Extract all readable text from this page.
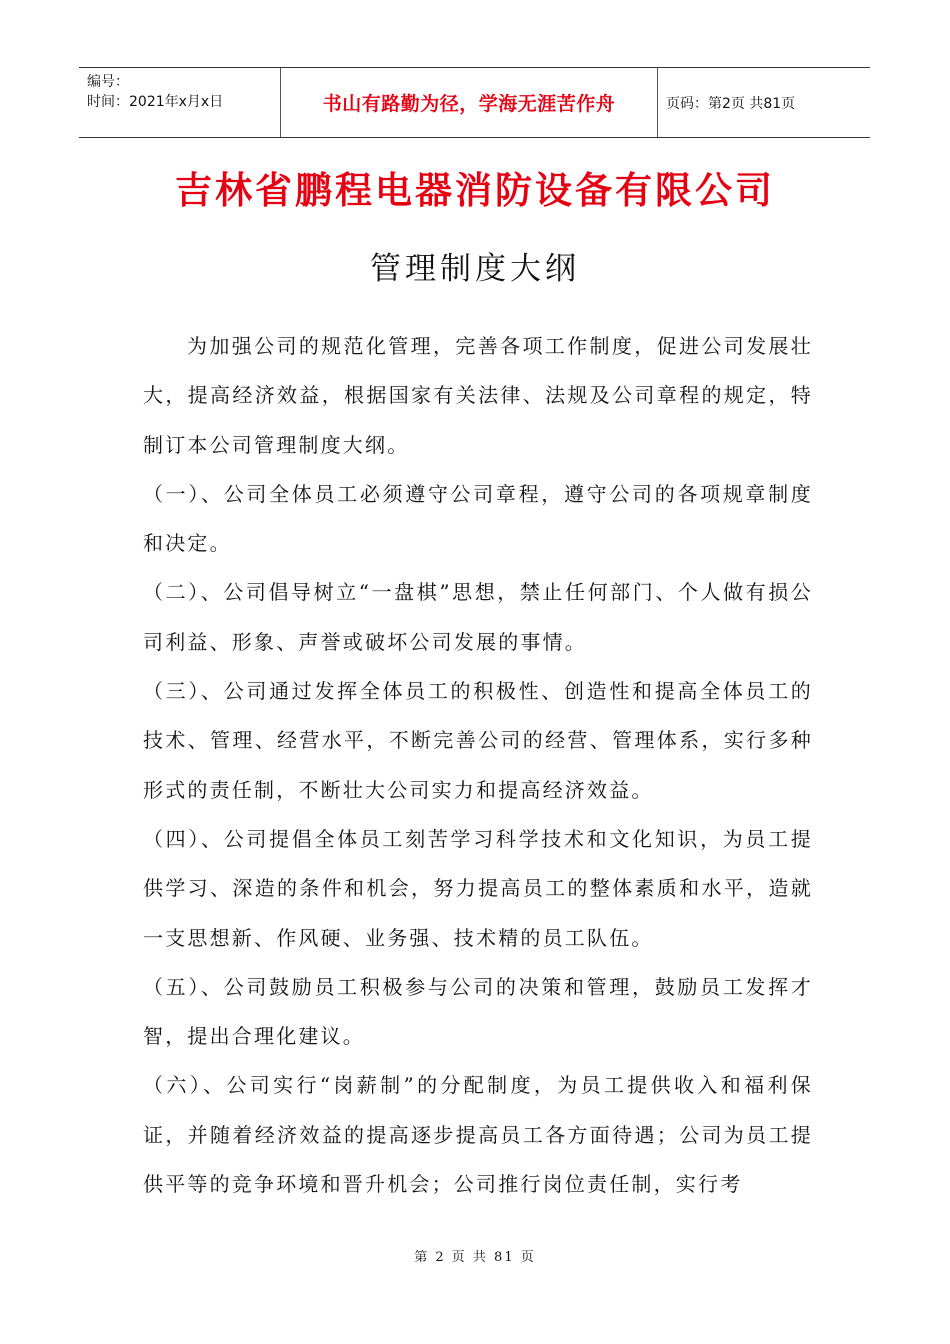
编号：
时间：2021年x月x日	书山有路勤为径，学海无涯苦作舟	页码：第2页 共81页
吉林省鹏程电器消防设备有限公司
管理制度大纲

为加强公司的规范化管理，完善各项工作制度，促进公司发展壮大，提高经济效益，根据国家有关法律、法规及公司章程的规定，特制订本公司管理制度大纲。

（一）、公司全体员工必须遵守公司章程，遵守公司的各项规章制度和决定。

（二）、公司倡导树立“一盘棋”思想，禁止任何部门、个人做有损公司利益、形象、声誉或破坏公司发展的事情。

（三）、公司通过发挥全体员工的积极性、创造性和提高全体员工的技术、管理、经营水平，不断完善公司的经营、管理体系，实行多种形式的责任制，不断壮大公司实力和提高经济效益。

（四）、公司提倡全体员工刻苦学习科学技术和文化知识，为员工提供学习、深造的条件和机会，努力提高员工的整体素质和水平，造就一支思想新、作风硬、业务强、技术精的员工队伍。

（五）、公司鼓励员工积极参与公司的决策和管理，鼓励员工发挥才智，提出合理化建议。

（六）、公司实行“岗薪制”的分配制度，为员工提供收入和福利保证，并随着经济效益的提高逐步提高员工各方面待遇；公司为员工提供平等的竞争环境和晋升机会；公司推行岗位责任制，实行考

第 2 页 共 81 页
